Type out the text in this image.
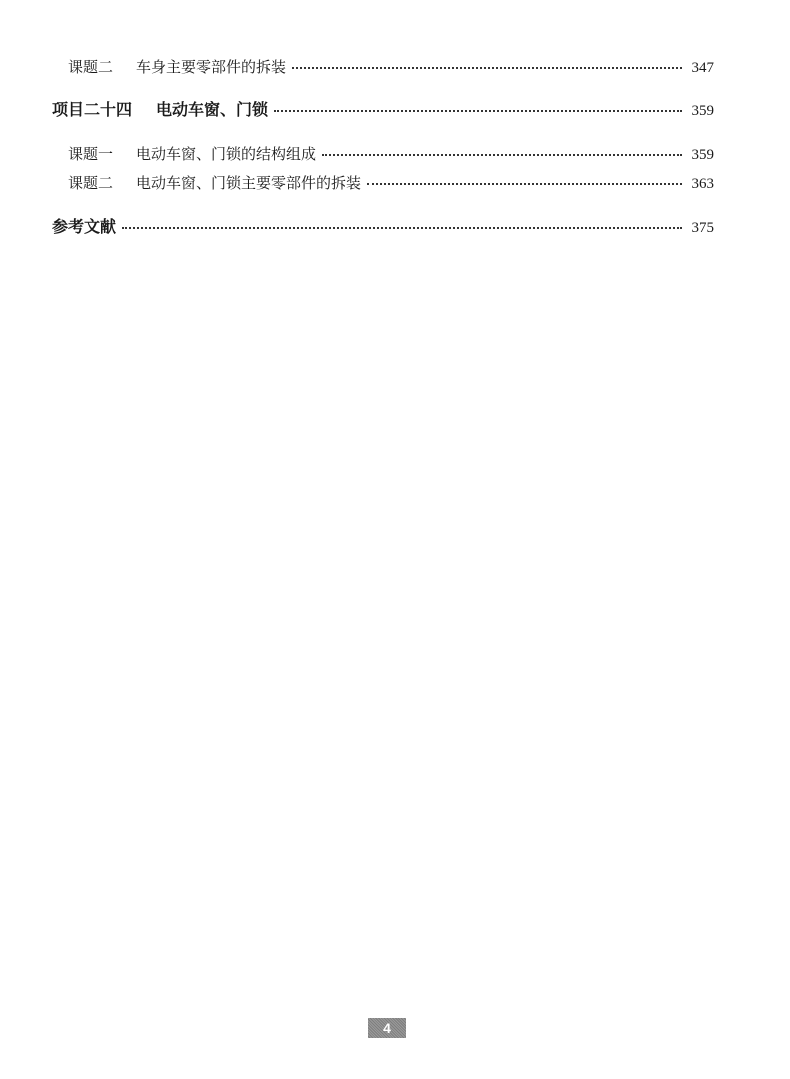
课题二 车身主要零部件的拆装	347
项目二十四 电动车窗、门锁	359
课题一 电动车窗、门锁的结构组成	359
课题二 电动车窗、门锁主要零部件的拆装	363
参考文献	375
4
